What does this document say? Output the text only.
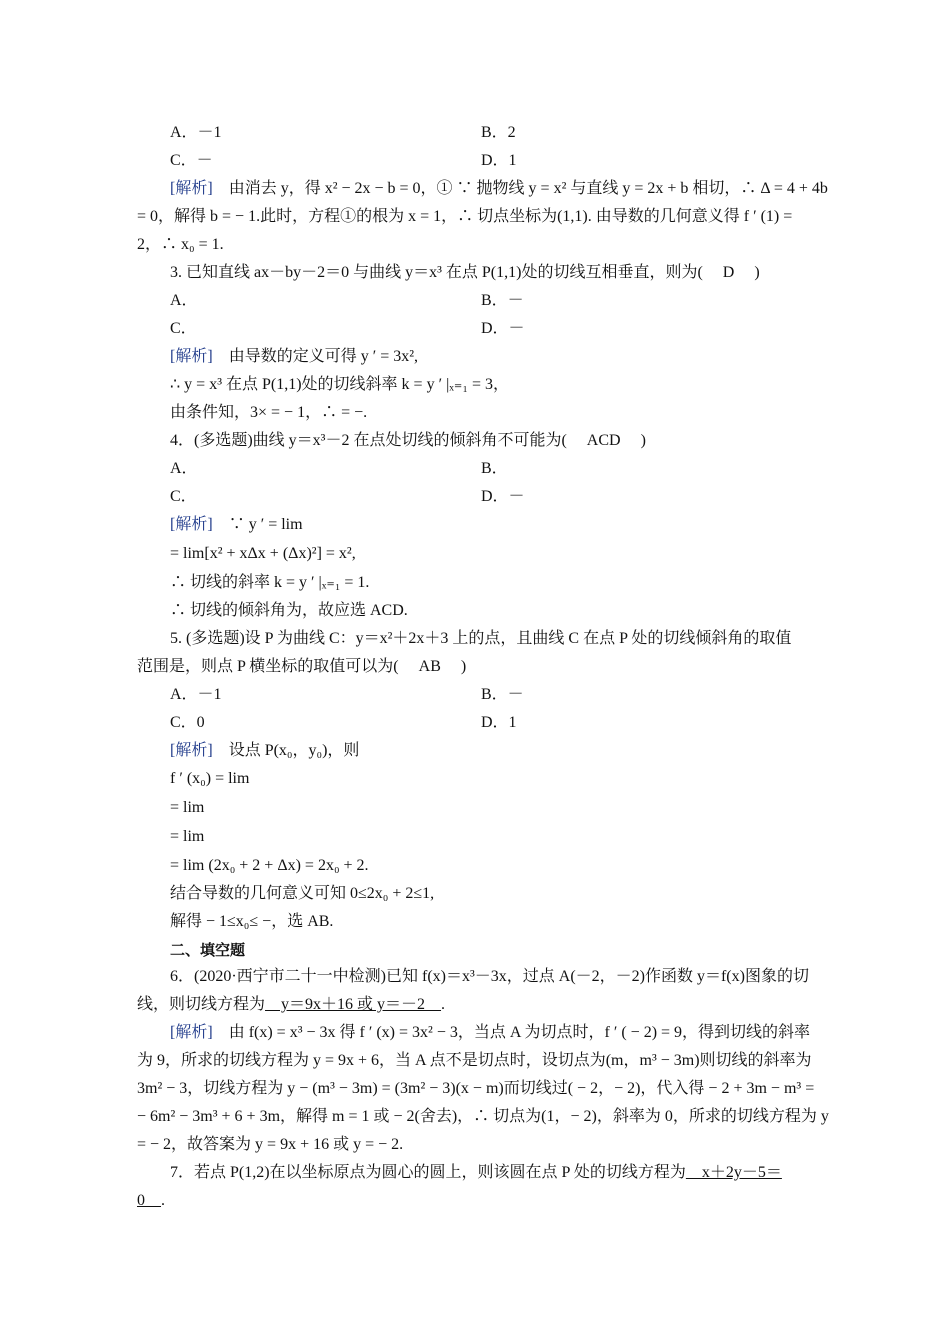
A．－1	B．2
C．－	D．1
[解析]　 由消去 y，得 x² − 2x − b = 0，① ∵ 抛物线 y = x² 与直线 y = 2x + b 相切，∴ Δ = 4 + 4b
= 0，解得 b = − 1.此时，方程①的根为 x = 1，∴ 切点坐标为(1,1). 由导数的几何意义得 f ′ (1) =
2，∴ x₀ = 1.
3. 已知直线 ax－by－2＝0 与曲线 y＝x³ 在点 P(1,1)处的切线互相垂直，则为(　 D　 )
A．	B．－
C．	D．－
[解析]　 由导数的定义可得 y ′ = 3x²,
∴ y = x³ 在点 P(1,1)处的切线斜率 k = y ′ |ₓ₌₁ = 3，
由条件知，3× = − 1，∴ = −.
4．(多选题)曲线 y＝x³－2 在点处切线的倾斜角不可能为(　 ACD　 )
A．	B．
C．	D．－
[解析]　 ∵ y ′ = lim
= lim[x² + xΔx + (Δx)²] = x²,
∴ 切线的斜率 k = y ′ |ₓ₌₁ = 1.
∴ 切线的倾斜角为，故应选 ACD.
5. (多选题)设 P 为曲线 C：y＝x²＋2x＋3 上的点，且曲线 C 在点 P 处的切线倾斜角的取值
范围是，则点 P 横坐标的取值可以为(　 AB　 )
A．－1	B．－
C．0	D．1
[解析]　 设点 P(x₀，y₀)，则
f ′ (x₀) = lim
= lim
= lim
= lim (2x₀ + 2 + Δx) = 2x₀ + 2.
结合导数的几何意义可知 0≤2x₀ + 2≤1,
解得 − 1≤x₀≤ −，选 AB.
二、填空题
6．(2020·西宁市二十一中检测)已知 f(x)＝x³－3x，过点 A(－2，－2)作函数 y＝f(x)图象的切
线，则切线方程为　y＝9x＋16 或 y＝－2　.
[解析]　 由 f(x) = x³ − 3x 得 f ′ (x) = 3x² − 3，当点 A 为切点时，f ′ ( − 2) = 9，得到切线的斜率
为 9，所求的切线方程为 y = 9x + 6，当 A 点不是切点时，设切点为(m，m³ − 3m)则切线的斜率为
3m² − 3，切线方程为 y − (m³ − 3m) = (3m² − 3)(x − m)而切线过( − 2，− 2)，代入得 − 2 + 3m − m³ =
− 6m² − 3m³ + 6 + 3m，解得 m = 1 或 − 2(舍去)，∴ 切点为(1，− 2)，斜率为 0，所求的切线方程为 y
= − 2，故答案为 y = 9x + 16 或 y = − 2.
7．若点 P(1,2)在以坐标原点为圆心的圆上，则该圆在点 P 处的切线方程为　x＋2y－5＝
0　.
